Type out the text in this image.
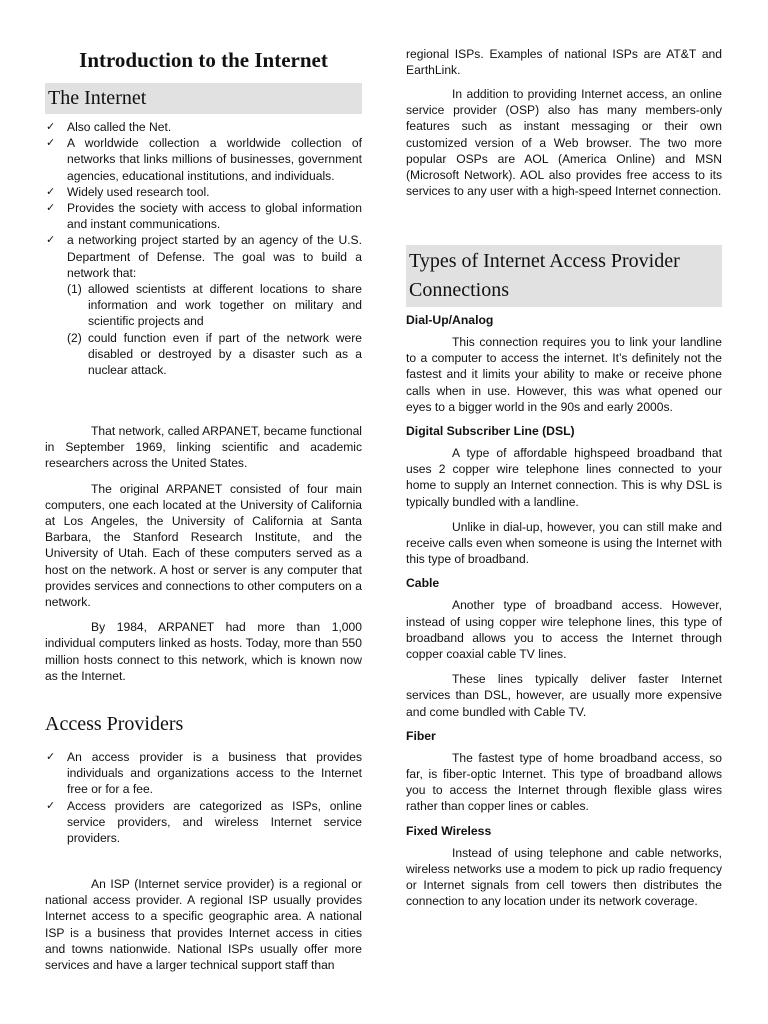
Introduction to the Internet
The Internet
✓ Also called the Net.
✓ A worldwide collection a worldwide collection of networks that links millions of businesses, government agencies, educational institutions, and individuals.
✓ Widely used research tool.
✓ Provides the society with access to global information and instant communications.
✓ a networking project started by an agency of the U.S. Department of Defense. The goal was to build a network that:
(1) allowed scientists at different locations to share information and work together on military and scientific projects and
(2) could function even if part of the network were disabled or destroyed by a disaster such as a nuclear attack.

That network, called ARPANET, became functional in September 1969, linking scientific and academic researchers across the United States.

The original ARPANET consisted of four main computers, one each located at the University of California at Los Angeles, the University of California at Santa Barbara, the Stanford Research Institute, and the University of Utah. Each of these computers served as a host on the network. A host or server is any computer that provides services and connections to other computers on a network.

By 1984, ARPANET had more than 1,000 individual computers linked as hosts. Today, more than 550 million hosts connect to this network, which is known now as the Internet.

Access Providers
✓ An access provider is a business that provides individuals and organizations access to the Internet free or for a fee.
✓ Access providers are categorized as ISPs, online service providers, and wireless Internet service providers.

An ISP (Internet service provider) is a regional or national access provider. A regional ISP usually provides Internet access to a specific geographic area. A national ISP is a business that provides Internet access in cities and towns nationwide. National ISPs usually offer more services and have a larger technical support staff than

regional ISPs. Examples of national ISPs are AT&T and EarthLink.

In addition to providing Internet access, an online service provider (OSP) also has many members-only features such as instant messaging or their own customized version of a Web browser. The two more popular OSPs are AOL (America Online) and MSN (Microsoft Network). AOL also provides free access to its services to any user with a high-speed Internet connection.

Types of Internet Access Provider Connections
Dial-Up/Analog

This connection requires you to link your landline to a computer to access the internet. It’s definitely not the fastest and it limits your ability to make or receive phone calls when in use. However, this was what opened our eyes to a bigger world in the 90s and early 2000s.

Digital Subscriber Line (DSL)

A type of affordable highspeed broadband that uses 2 copper wire telephone lines connected to your home to supply an Internet connection. This is why DSL is typically bundled with a landline.

Unlike in dial-up, however, you can still make and receive calls even when someone is using the Internet with this type of broadband.

Cable

Another type of broadband access. However, instead of using copper wire telephone lines, this type of broadband allows you to access the Internet through copper coaxial cable TV lines.

These lines typically deliver faster Internet services than DSL, however, are usually more expensive and come bundled with Cable TV.

Fiber

The fastest type of home broadband access, so far, is fiber-optic Internet. This type of broadband allows you to access the Internet through flexible glass wires rather than copper lines or cables.

Fixed Wireless

Instead of using telephone and cable networks, wireless networks use a modem to pick up radio frequency or Internet signals from cell towers then distributes the connection to any location under its network coverage.
